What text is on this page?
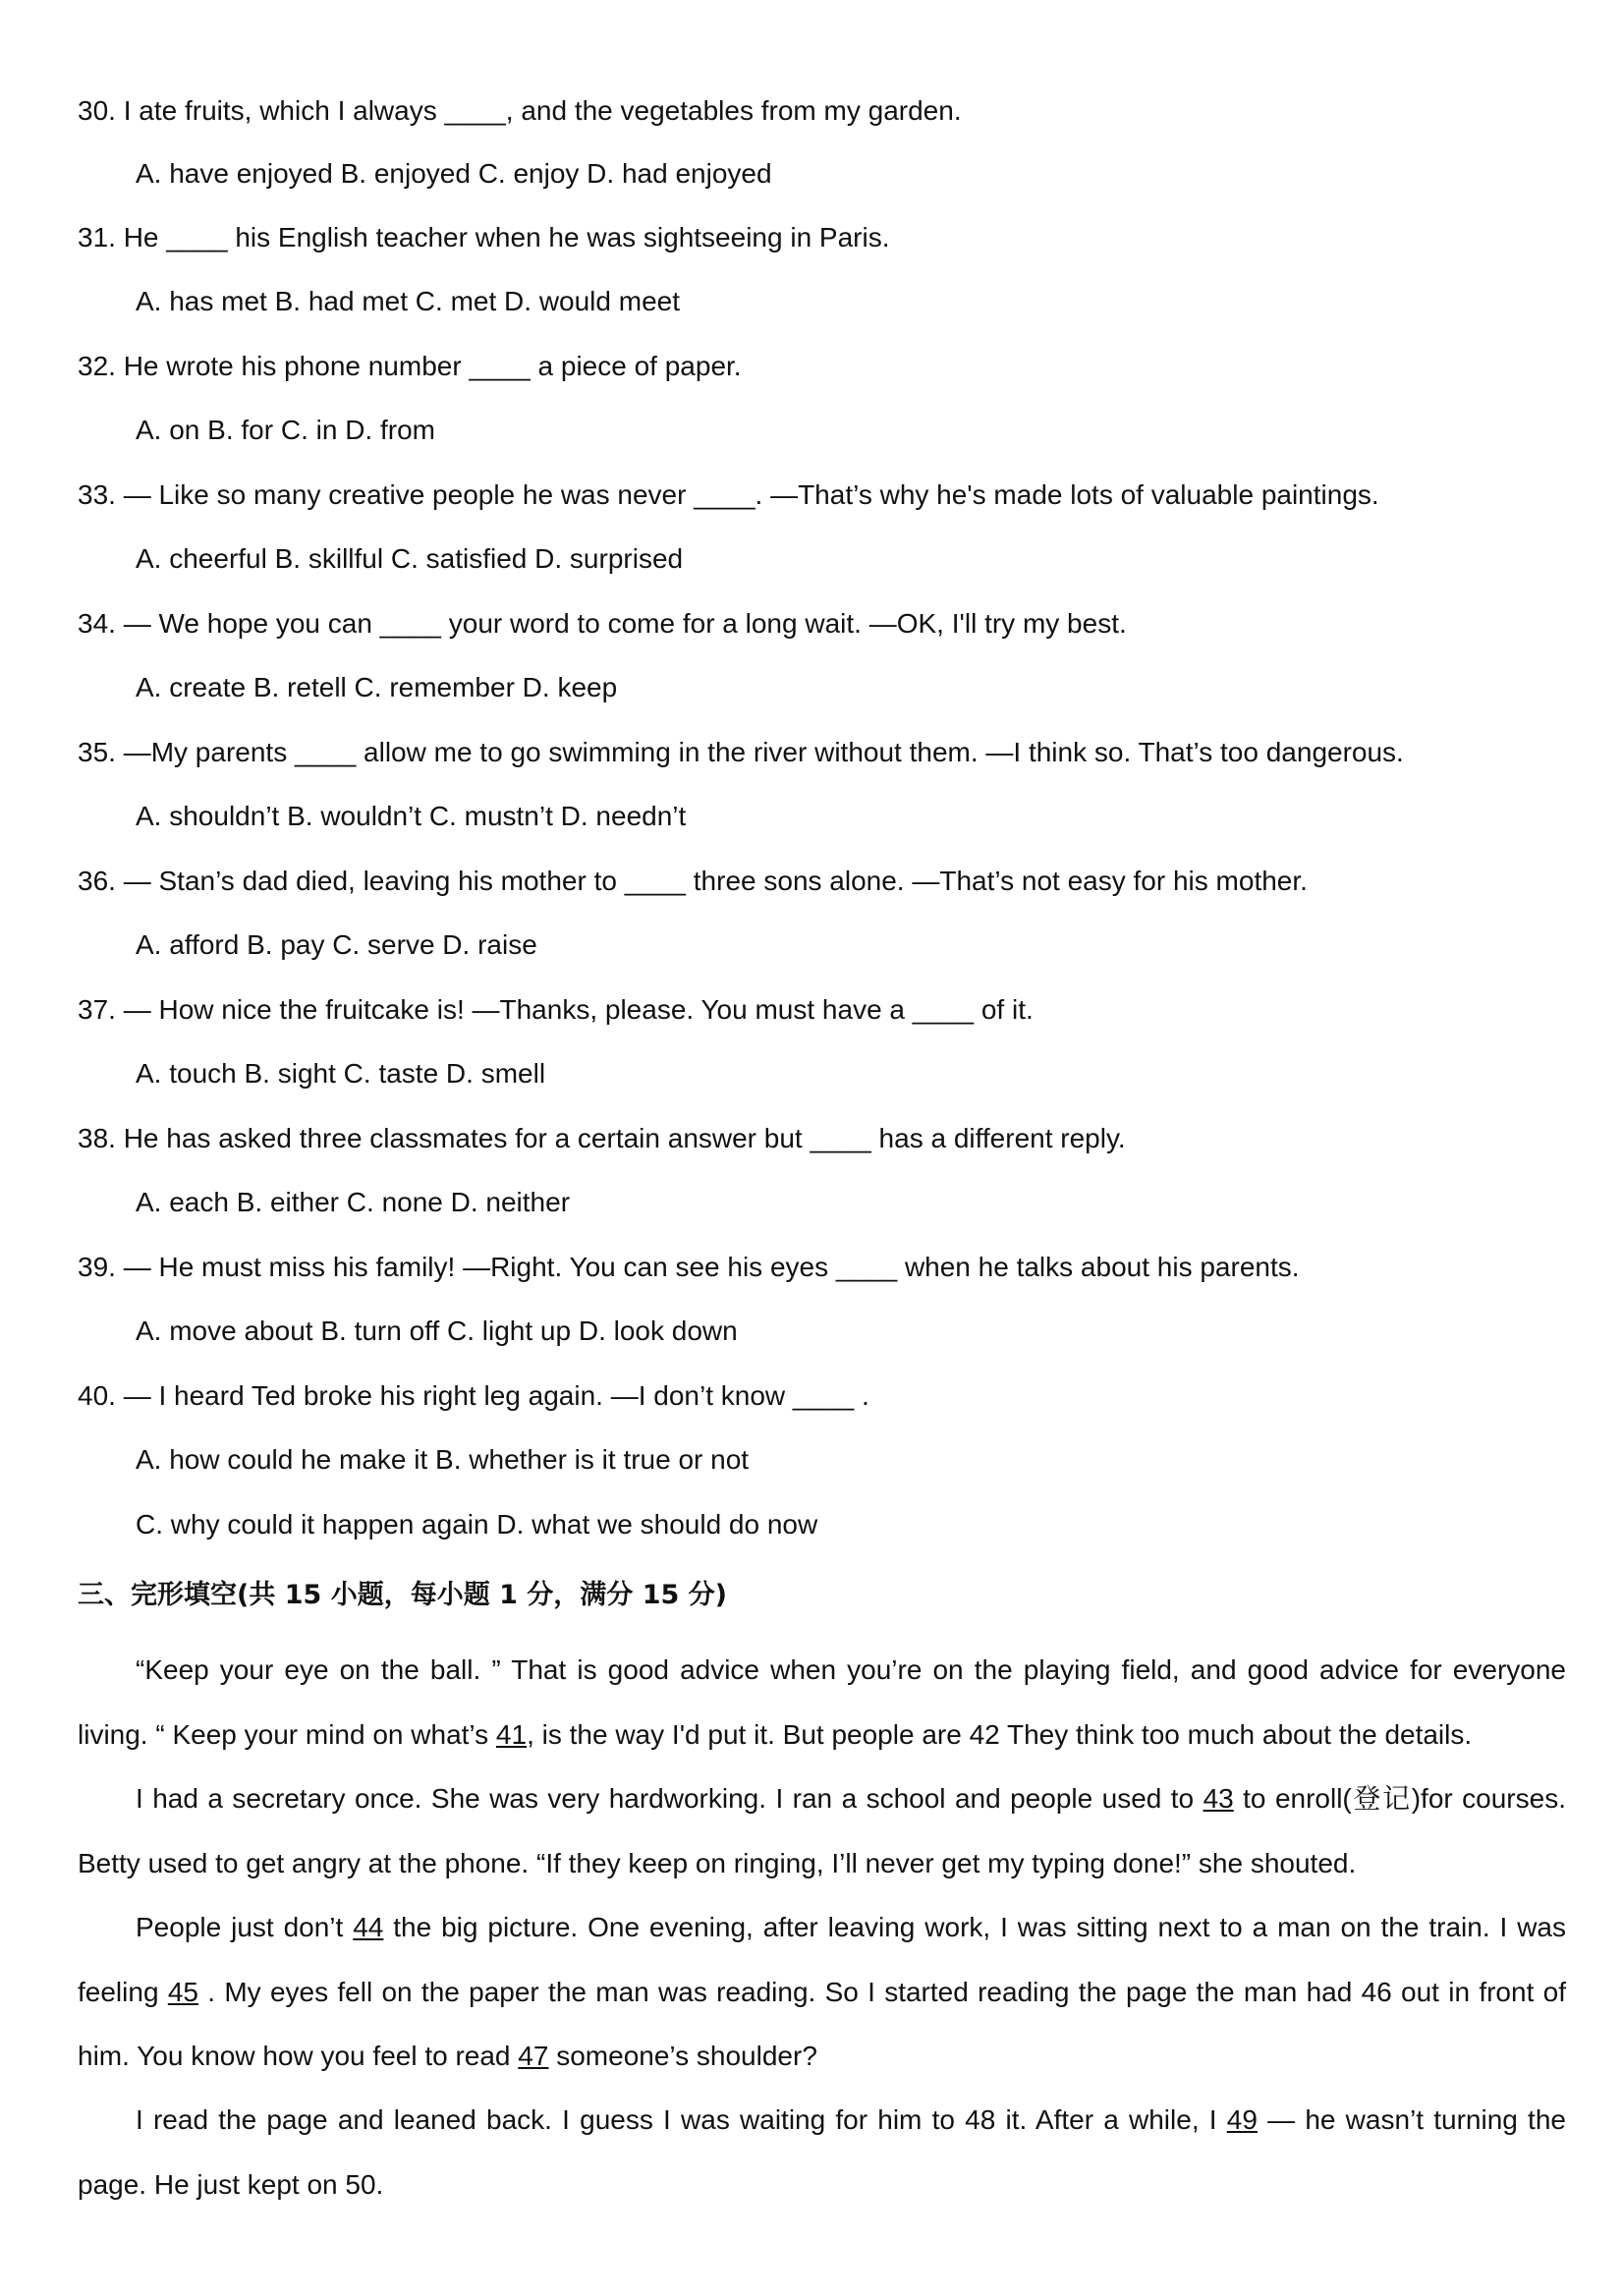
30. I ate fruits, which I always ____, and the vegetables from my garden.
A. have enjoyed B. enjoyed C. enjoy D. had enjoyed
31. He ____ his English teacher when he was sightseeing in Paris.
A. has met B. had met C. met D. would meet
32. He wrote his phone number ____ a piece of paper.
A. on B. for C. in D. from
33. — Like so many creative people he was never ____. —That’s why he's made lots of valuable paintings.
A. cheerful B. skillful C. satisfied D. surprised
34. — We hope you can ____ your word to come for a long wait. —OK, I'll try my best.
A. create B. retell C. remember D. keep
35. —My parents ____ allow me to go swimming in the river without them. —I think so. That’s too dangerous.
A. shouldn’t B. wouldn’t C. mustn’t D. needn’t
36. — Stan’s dad died, leaving his mother to ____ three sons alone. —That’s not easy for his mother.
A. afford B. pay C. serve D. raise
37. — How nice the fruitcake is! —Thanks, please. You must have a ____ of it.
A. touch B. sight C. taste D. smell
38. He has asked three classmates for a certain answer but ____ has a different reply.
A. each B. either C. none D. neither
39. — He must miss his family! —Right. You can see his eyes ____ when he talks about his parents.
A. move about B. turn off C. light up D. look down
40. — I heard Ted broke his right leg again. —I don’t know ____ .
A. how could he make it B. whether is it true or not
C. why could it happen again D. what we should do now
三、完形填空(共 15 小题，每小题 1 分，满分 15 分)
“Keep your eye on the ball. ” That is good advice when you’re on the playing field, and good advice for everyone living. “ Keep your mind on what’s 41, is the way I'd put it. But people are 42 They think too much about the details.
I had a secretary once. She was very hardworking. I ran a school and people used to 43 to enroll(登记)for courses. Betty used to get angry at the phone. “If they keep on ringing, I’ll never get my typing done!” she shouted.
People just don’t 44 the big picture. One evening, after leaving work, I was sitting next to a man on the train. I was feeling 45 . My eyes fell on the paper the man was reading. So I started reading the page the man had 46 out in front of him. You know how you feel to read 47 someone’s shoulder?
I read the page and leaned back. I guess I was waiting for him to 48 it. After a while, I 49 — he wasn’t turning the page. He just kept on 50.
